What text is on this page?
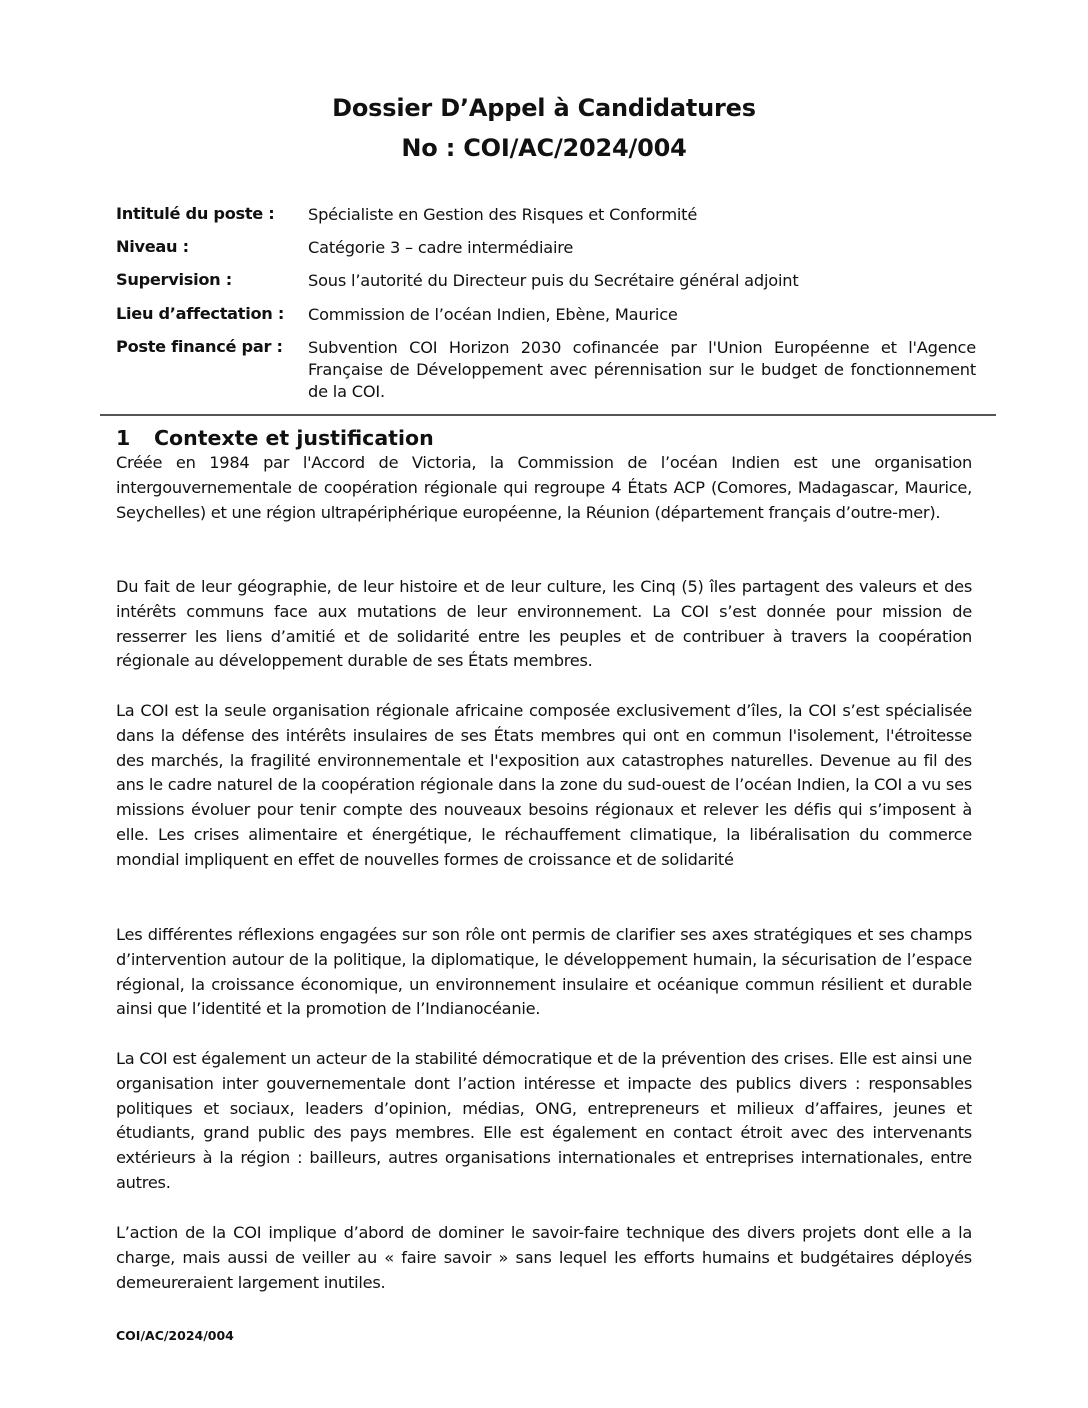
Dossier D’Appel à Candidatures
No : COI/AC/2024/004
Intitulé du poste :	Spécialiste en Gestion des Risques et Conformité
Niveau :	Catégorie 3 – cadre intermédiaire
Supervision :	Sous l’autorité du Directeur puis du Secrétaire général adjoint
Lieu d’affectation :	Commission de l’océan Indien, Ebène, Maurice
Poste financé par :	Subvention COI Horizon 2030 cofinancée par l'Union Européenne et l'Agence Française de Développement avec pérennisation sur le budget de fonctionnement de la COI.
1 Contexte et justification
Créée en 1984 par l'Accord de Victoria, la Commission de l’océan Indien est une organisation intergouvernementale de coopération régionale qui regroupe 4 États ACP (Comores, Madagascar, Maurice, Seychelles) et une région ultrapériphérique européenne, la Réunion (département français d’outre-mer).
Du fait de leur géographie, de leur histoire et de leur culture, les Cinq (5) îles partagent des valeurs et des intérêts communs face aux mutations de leur environnement. La COI s’est donnée pour mission de resserrer les liens d’amitié et de solidarité entre les peuples et de contribuer à travers la coopération régionale au développement durable de ses États membres.
La COI est la seule organisation régionale africaine composée exclusivement d’îles, la COI s’est spécialisée dans la défense des intérêts insulaires de ses États membres qui ont en commun l'isolement, l'étroitesse des marchés, la fragilité environnementale et l'exposition aux catastrophes naturelles. Devenue au fil des ans le cadre naturel de la coopération régionale dans la zone du sud-ouest de l’océan Indien, la COI a vu ses missions évoluer pour tenir compte des nouveaux besoins régionaux et relever les défis qui s’imposent à elle. Les crises alimentaire et énergétique, le réchauffement climatique, la libéralisation du commerce mondial impliquent en effet de nouvelles formes de croissance et de solidarité
Les différentes réflexions engagées sur son rôle ont permis de clarifier ses axes stratégiques et ses champs d’intervention autour de la politique, la diplomatique, le développement humain, la sécurisation de l’espace régional, la croissance économique, un environnement insulaire et océanique commun résilient et durable ainsi que l’identité et la promotion de l’Indianocéanie.
La COI est également un acteur de la stabilité démocratique et de la prévention des crises. Elle est ainsi une organisation inter gouvernementale dont l’action intéresse et impacte des publics divers : responsables politiques et sociaux, leaders d’opinion, médias, ONG, entrepreneurs et milieux d’affaires, jeunes et étudiants, grand public des pays membres. Elle est également en contact étroit avec des intervenants extérieurs à la région : bailleurs, autres organisations internationales et entreprises internationales, entre autres.
L’action de la COI implique d’abord de dominer le savoir-faire technique des divers projets dont elle a la charge, mais aussi de veiller au « faire savoir » sans lequel les efforts humains et budgétaires déployés demeureraient largement inutiles.
COI/AC/2024/004
